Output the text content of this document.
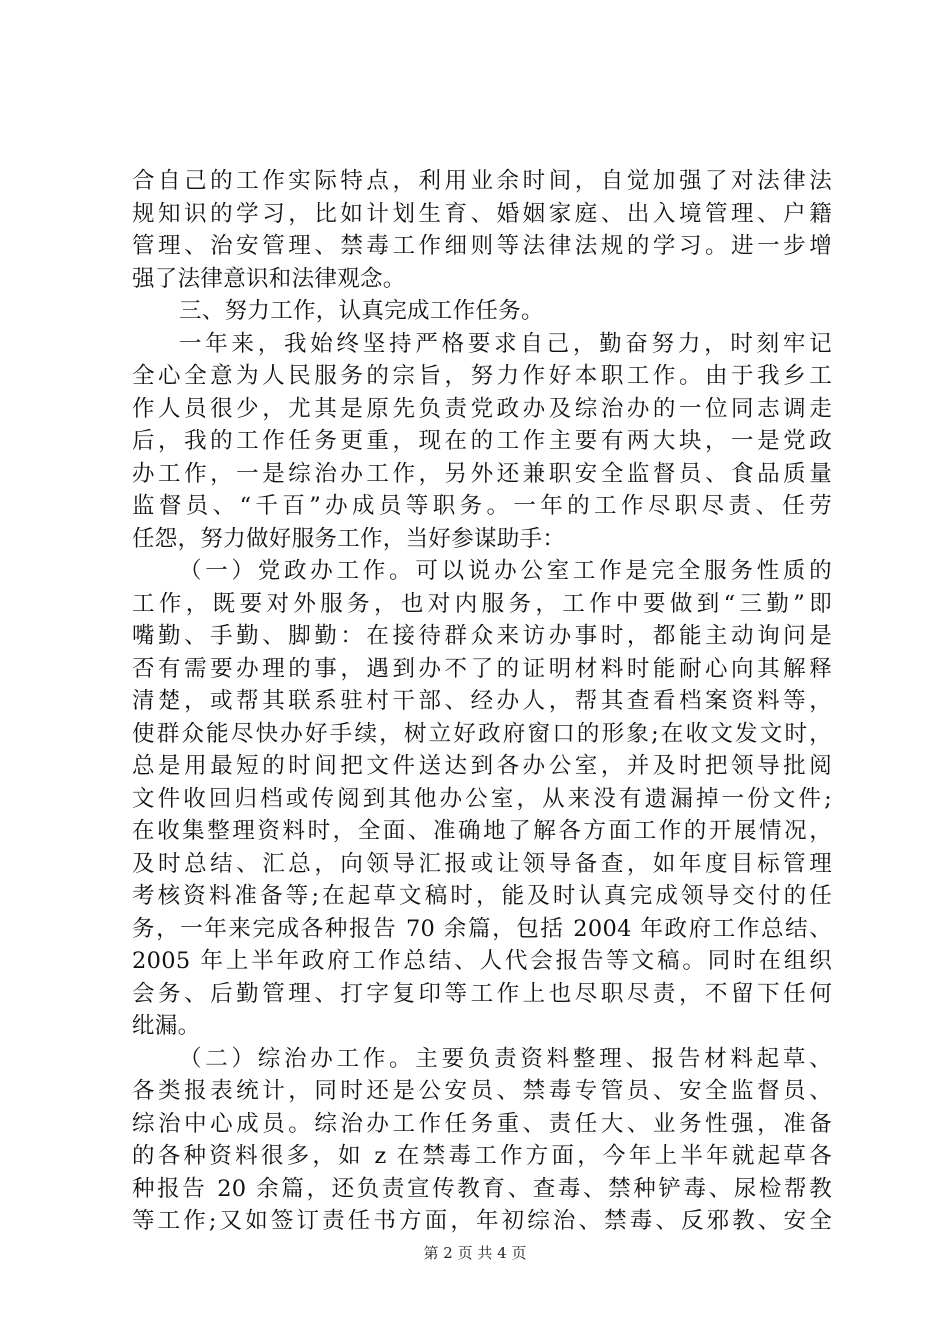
合自己的工作实际特点，利用业余时间，自觉加强了对法律法
规知识的学习，比如计划生育、婚姻家庭、出入境管理、户籍
管理、治安管理、禁毒工作细则等法律法规的学习。进一步增
强了法律意识和法律观念。
三、努力工作，认真完成工作任务。
一年来，我始终坚持严格要求自己，勤奋努力，时刻牢记
全心全意为人民服务的宗旨，努力作好本职工作。由于我乡工
作人员很少，尤其是原先负责党政办及综治办的一位同志调走
后，我的工作任务更重，现在的工作主要有两大块，一是党政
办工作，一是综治办工作，另外还兼职安全监督员、食品质量
监督员、“千百”办成员等职务。一年的工作尽职尽责、任劳
任怨，努力做好服务工作，当好参谋助手：
（一）党政办工作。可以说办公室工作是完全服务性质的
工作，既要对外服务，也对内服务，工作中要做到“三勤”即
嘴勤、手勤、脚勤：在接待群众来访办事时，都能主动询问是
否有需要办理的事，遇到办不了的证明材料时能耐心向其解释
清楚，或帮其联系驻村干部、经办人，帮其查看档案资料等，
使群众能尽快办好手续，树立好政府窗口的形象;在收文发文时，
总是用最短的时间把文件送达到各办公室，并及时把领导批阅
文件收回归档或传阅到其他办公室，从来没有遗漏掉一份文件;
在收集整理资料时，全面、准确地了解各方面工作的开展情况，
及时总结、汇总，向领导汇报或让领导备查，如年度目标管理
考核资料准备等;在起草文稿时，能及时认真完成领导交付的任
务，一年来完成各种报告 70 余篇，包括 2004 年政府工作总结、
2005 年上半年政府工作总结、人代会报告等文稿。同时在组织
会务、后勤管理、打字复印等工作上也尽职尽责，不留下任何
纰漏。
（二）综治办工作。主要负责资料整理、报告材料起草、
各类报表统计，同时还是公安员、禁毒专管员、安全监督员、
综治中心成员。综治办工作任务重、责任大、业务性强，准备
的各种资料很多，如 z 在禁毒工作方面，今年上半年就起草各
种报告 20 余篇，还负责宣传教育、查毒、禁种铲毒、尿检帮教
等工作;又如签订责任书方面，年初综治、禁毒、反邪教、安全
第 2 页 共 4 页
